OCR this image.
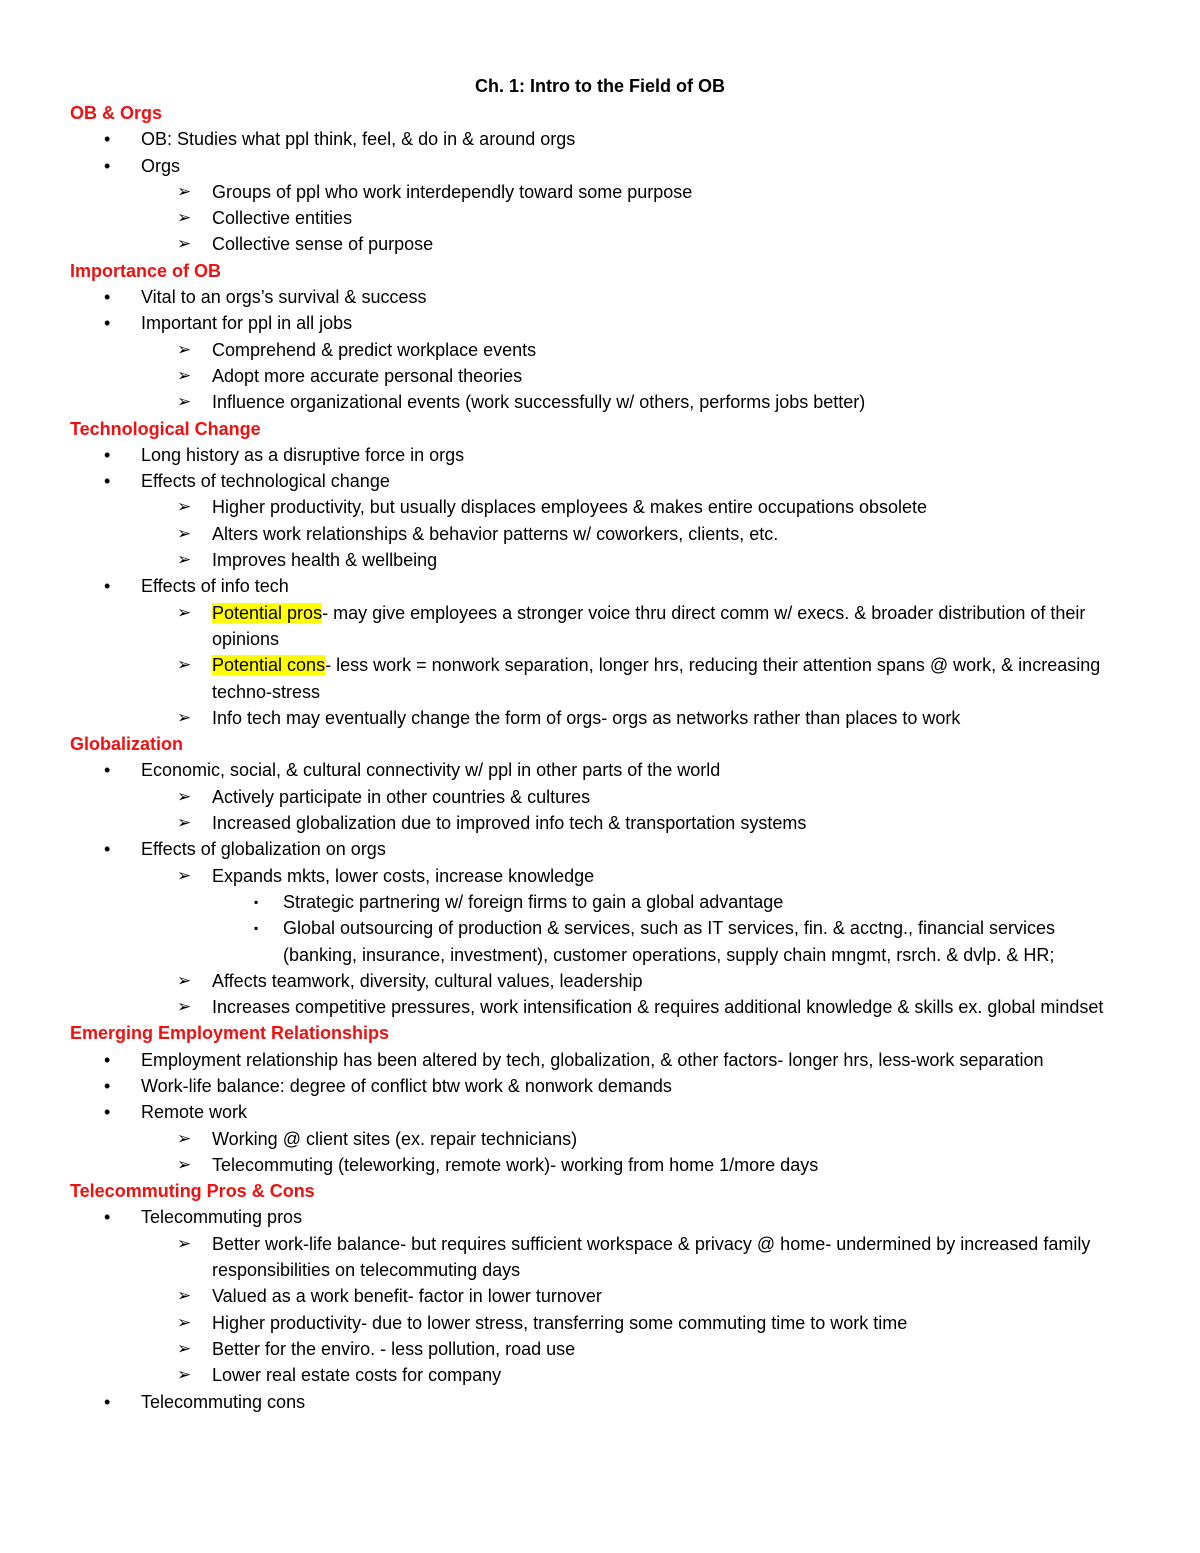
Ch. 1: Intro to the Field of OB
OB & Orgs
• OB: Studies what ppl think, feel, & do in & around orgs
• Orgs
➢ Groups of ppl who work interdependly toward some purpose
➢ Collective entities
➢ Collective sense of purpose
Importance of OB
• Vital to an orgs’s survival & success
• Important for ppl in all jobs
➢ Comprehend & predict workplace events
➢ Adopt more accurate personal theories
➢ Influence organizational events (work successfully w/ others, performs jobs better)
Technological Change
• Long history as a disruptive force in orgs
• Effects of technological change
➢ Higher productivity, but usually displaces employees & makes entire occupations obsolete
➢ Alters work relationships & behavior patterns w/ coworkers, clients, etc.
➢ Improves health & wellbeing
• Effects of info tech
➢ Potential pros- may give employees a stronger voice thru direct comm w/ execs. & broader distribution of their opinions
➢ Potential cons- less work = nonwork separation, longer hrs, reducing their attention spans @ work, & increasing techno-stress
➢ Info tech may eventually change the form of orgs- orgs as networks rather than places to work
Globalization
• Economic, social, & cultural connectivity w/ ppl in other parts of the world
➢ Actively participate in other countries & cultures
➢ Increased globalization due to improved info tech & transportation systems
• Effects of globalization on orgs
➢ Expands mkts, lower costs, increase knowledge
▪ Strategic partnering w/ foreign firms to gain a global advantage
▪ Global outsourcing of production & services, such as IT services, fin. & acctng., financial services (banking, insurance, investment), customer operations, supply chain mngmt, rsrch. & dvlp. & HR;
➢ Affects teamwork, diversity, cultural values, leadership
➢ Increases competitive pressures, work intensification & requires additional knowledge & skills ex. global mindset
Emerging Employment Relationships
• Employment relationship has been altered by tech, globalization, & other factors- longer hrs, less-work separation
• Work-life balance: degree of conflict btw work & nonwork demands
• Remote work
➢ Working @ client sites (ex. repair technicians)
➢ Telecommuting (teleworking, remote work)- working from home 1/more days
Telecommuting Pros & Cons
• Telecommuting pros
➢ Better work-life balance- but requires sufficient workspace & privacy @ home- undermined by increased family responsibilities on telecommuting days
➢ Valued as a work benefit- factor in lower turnover
➢ Higher productivity- due to lower stress, transferring some commuting time to work time
➢ Better for the enviro. - less pollution, road use
➢ Lower real estate costs for company
• Telecommuting cons
